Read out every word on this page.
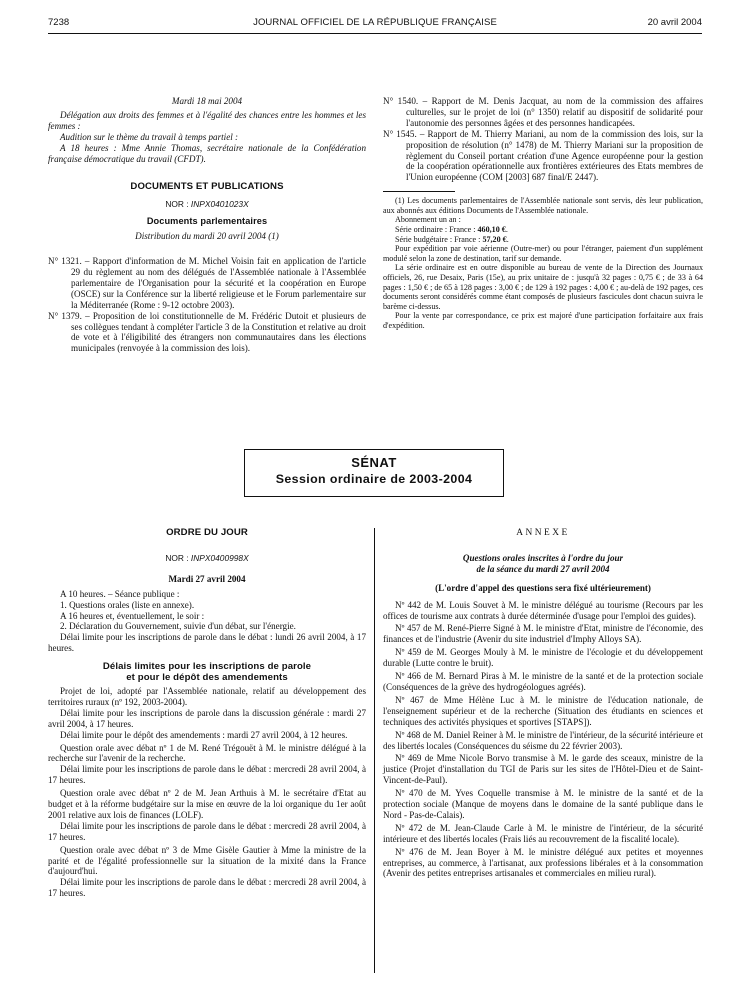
7238	JOURNAL OFFICIEL DE LA RÉPUBLIQUE FRANÇAISE	20 avril 2004

Mardi 18 mai 2004

Délégation aux droits des femmes et à l'égalité des chances entre les hommes et les femmes :

Audition sur le thème du travail à temps partiel :

A 18 heures : Mme Annie Thomas, secrétaire nationale de la Confédération française démocratique du travail (CFDT).

DOCUMENTS ET PUBLICATIONS

NOR : INPX0401023X

Documents parlementaires

Distribution du mardi 20 avril 2004 (1)

N° 1321. – Rapport d'information de M. Michel Voisin fait en application de l'article 29 du règlement au nom des délégués de l'Assemblée nationale à l'Assemblée parlementaire de l'Organisation pour la sécurité et la coopération en Europe (OSCE) sur la Conférence sur la liberté religieuse et le Forum parlementaire sur la Méditerranée (Rome : 9-12 octobre 2003).

N° 1379. – Proposition de loi constitutionnelle de M. Frédéric Dutoit et plusieurs de ses collègues tendant à compléter l'article 3 de la Constitution et relative au droit de vote et à l'éligibilité des étrangers non communautaires dans les élections municipales (renvoyée à la commission des lois).

N° 1540. – Rapport de M. Denis Jacquat, au nom de la commission des affaires culturelles, sur le projet de loi (n° 1350) relatif au dispositif de solidarité pour l'autonomie des personnes âgées et des personnes handicapées.

N° 1545. – Rapport de M. Thierry Mariani, au nom de la commission des lois, sur la proposition de résolution (n° 1478) de M. Thierry Mariani sur la proposition de règlement du Conseil portant création d'une Agence européenne pour la gestion de la coopération opérationnelle aux frontières extérieures des Etats membres de l'Union européenne (COM [2003] 687 final/E 2447).

(1) Les documents parlementaires de l'Assemblée nationale sont servis, dès leur publication, aux abonnés aux éditions Documents de l'Assemblée nationale.

Abonnement un an :

Série ordinaire : France : 460,10 €.

Série budgétaire : France : 57,20 €.

Pour expédition par voie aérienne (Outre-mer) ou pour l'étranger, paiement d'un supplément modulé selon la zone de destination, tarif sur demande.

La série ordinaire est en outre disponible au bureau de vente de la Direction des Journaux officiels, 26, rue Desaix, Paris (15e), au prix unitaire de : jusqu'à 32 pages : 0,75 € ; de 33 à 64 pages : 1,50 € ; de 65 à 128 pages : 3,00 € ; de 129 à 192 pages : 4,00 € ; au-delà de 192 pages, ces documents seront considérés comme étant composés de plusieurs fascicules dont chacun suivra le barème ci-dessus.

Pour la vente par correspondance, ce prix est majoré d'une participation forfaitaire aux frais d'expédition.

SÉNAT
Session ordinaire de 2003-2004

ORDRE DU JOUR

NOR : INPX0400998X

Mardi 27 avril 2004

A 10 heures. – Séance publique :

1. Questions orales (liste en annexe).

A 16 heures et, éventuellement, le soir :

2. Déclaration du Gouvernement, suivie d'un débat, sur l'énergie.

Délai limite pour les inscriptions de parole dans le débat : lundi 26 avril 2004, à 17 heures.

Délais limites pour les inscriptions de parole

et pour le dépôt des amendements

Projet de loi, adopté par l'Assemblée nationale, relatif au développement des territoires ruraux (nº 192, 2003-2004).

Délai limite pour les inscriptions de parole dans la discussion générale : mardi 27 avril 2004, à 17 heures.

Délai limite pour le dépôt des amendements : mardi 27 avril 2004, à 12 heures.

Question orale avec débat nº 1 de M. René Trégouët à M. le ministre délégué à la recherche sur l'avenir de la recherche.

Délai limite pour les inscriptions de parole dans le débat : mercredi 28 avril 2004, à 17 heures.

Question orale avec débat nº 2 de M. Jean Arthuis à M. le secrétaire d'Etat au budget et à la réforme budgétaire sur la mise en œuvre de la loi organique du 1er août 2001 relative aux lois de finances (LOLF).

Délai limite pour les inscriptions de parole dans le débat : mercredi 28 avril 2004, à 17 heures.

Question orale avec débat nº 3 de Mme Gisèle Gautier à Mme la ministre de la parité et de l'égalité professionnelle sur la situation de la mixité dans la France d'aujourd'hui.

Délai limite pour les inscriptions de parole dans le débat : mercredi 28 avril 2004, à 17 heures.

ANNEXE

Questions orales inscrites à l'ordre du jour

de la séance du mardi 27 avril 2004

(L'ordre d'appel des questions sera fixé ultérieurement)

Nº 442 de M. Louis Souvet à M. le ministre délégué au tourisme (Recours par les offices de tourisme aux contrats à durée déterminée d'usage pour l'emploi des guides).

Nº 457 de M. René-Pierre Signé à M. le ministre d'Etat, ministre de l'économie, des finances et de l'industrie (Avenir du site industriel d'Imphy Alloys SA).

Nº 459 de M. Georges Mouly à M. le ministre de l'écologie et du développement durable (Lutte contre le bruit).

Nº 466 de M. Bernard Piras à M. le ministre de la santé et de la protection sociale (Conséquences de la grève des hydrogéologues agréés).

Nº 467 de Mme Hélène Luc à M. le ministre de l'éducation nationale, de l'enseignement supérieur et de la recherche (Situation des étudiants en sciences et techniques des activités physiques et sportives [STAPS]).

Nº 468 de M. Daniel Reiner à M. le ministre de l'intérieur, de la sécurité intérieure et des libertés locales (Conséquences du séisme du 22 février 2003).

Nº 469 de Mme Nicole Borvo transmise à M. le garde des sceaux, ministre de la justice (Projet d'installation du TGI de Paris sur les sites de l'Hôtel-Dieu et de Saint-Vincent-de-Paul).

Nº 470 de M. Yves Coquelle transmise à M. le ministre de la santé et de la protection sociale (Manque de moyens dans le domaine de la santé publique dans le Nord - Pas-de-Calais).

Nº 472 de M. Jean-Claude Carle à M. le ministre de l'intérieur, de la sécurité intérieure et des libertés locales (Frais liés au recouvrement de la fiscalité locale).

Nº 476 de M. Jean Boyer à M. le ministre délégué aux petites et moyennes entreprises, au commerce, à l'artisanat, aux professions libérales et à la consommation (Avenir des petites entreprises artisanales et commerciales en milieu rural).
